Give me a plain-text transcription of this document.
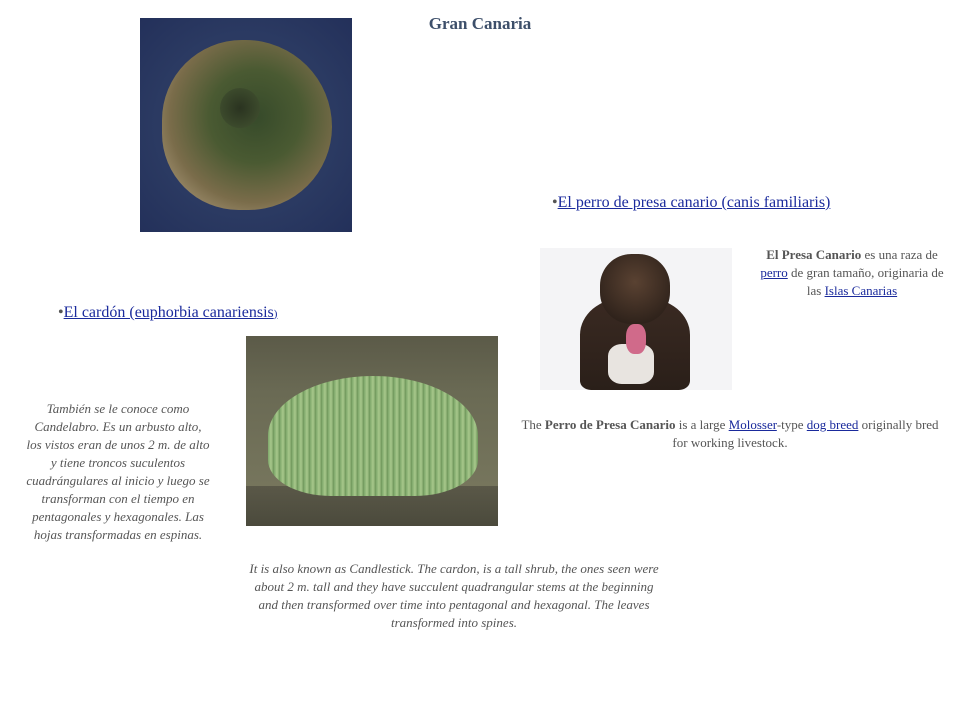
Gran Canaria
•El perro de presa canario (canis familiaris)
El Presa Canario es una raza de perro de gran tamaño, originaria de las Islas Canarias
The Perro de Presa Canario is a large Molosser-type dog breed originally bred for working livestock.
•El cardón (euphorbia canariensis)
También se le conoce como Candelabro. Es un arbusto alto, los vistos eran de unos 2 m. de alto y tiene troncos suculentos cuadrángulares al inicio y luego se transforman con el tiempo en pentagonales y hexagonales. Las hojas transformadas en espinas.
It is also known as Candlestick. The cardon, is a tall shrub, the ones seen were about 2 m. tall and they have succulent quadrangular stems at the beginning and then transformed over time into pentagonal and hexagonal. The leaves transformed into spines.
